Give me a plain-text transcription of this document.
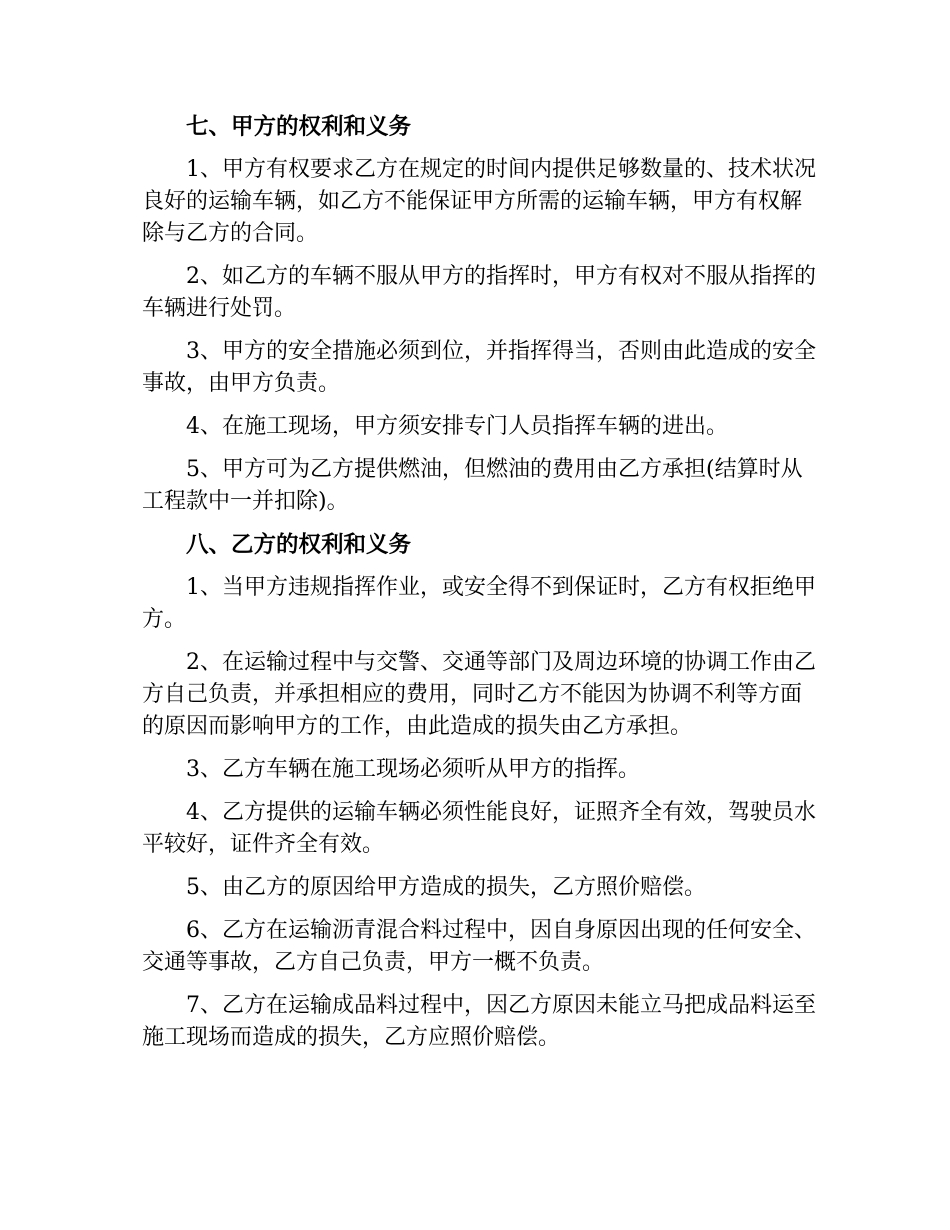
七、甲方的权利和义务

1、甲方有权要求乙方在规定的时间内提供足够数量的、技术状况良好的运输车辆，如乙方不能保证甲方所需的运输车辆，甲方有权解除与乙方的合同。

2、如乙方的车辆不服从甲方的指挥时，甲方有权对不服从指挥的车辆进行处罚。

3、甲方的安全措施必须到位，并指挥得当，否则由此造成的安全事故，由甲方负责。

4、在施工现场，甲方须安排专门人员指挥车辆的进出。

5、甲方可为乙方提供燃油，但燃油的费用由乙方承担(结算时从工程款中一并扣除)。

八、乙方的权利和义务

1、当甲方违规指挥作业，或安全得不到保证时，乙方有权拒绝甲方。

2、在运输过程中与交警、交通等部门及周边环境的协调工作由乙方自己负责，并承担相应的费用，同时乙方不能因为协调不利等方面的原因而影响甲方的工作，由此造成的损失由乙方承担。

3、乙方车辆在施工现场必须听从甲方的指挥。

4、乙方提供的运输车辆必须性能良好，证照齐全有效，驾驶员水平较好，证件齐全有效。

5、由乙方的原因给甲方造成的损失，乙方照价赔偿。

6、乙方在运输沥青混合料过程中，因自身原因出现的任何安全、交通等事故，乙方自己负责，甲方一概不负责。

7、乙方在运输成品料过程中，因乙方原因未能立马把成品料运至施工现场而造成的损失，乙方应照价赔偿。
